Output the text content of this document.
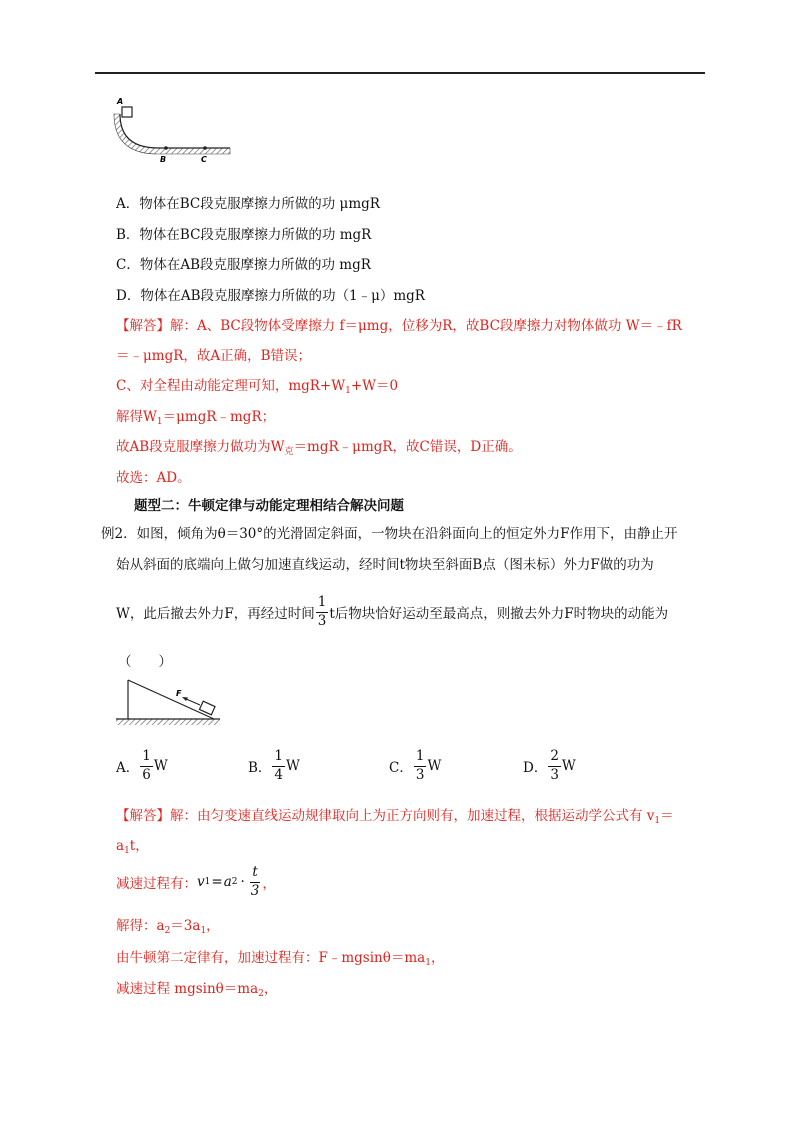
A
B	C
A．物体在BC段克服摩擦力所做的功 μmgR
B．物体在BC段克服摩擦力所做的功 mgR
C．物体在AB段克服摩擦力所做的功 mgR
D．物体在AB段克服摩擦力所做的功（1﹣μ）mgR
【解答】解：A、BC段物体受摩擦力 f＝μmg，位移为R，故BC段摩擦力对物体做功 W＝﹣fR
＝﹣μmgR，故A正确，B错误；
C、对全程由动能定理可知，$mgR+W_1+W=0$
解得$W_1=\mu mgR﹣mgR$；
故AB段克服摩擦力做功为$W_克=mgR﹣\mu mgR$，故C错误，D正确。
故选：AD。
题型二：牛顿定律与动能定理相结合解决问题
例2．如图，倾角为θ＝30°的光滑固定斜面，一物块在沿斜面向上的恒定外力F作用下，由静止开
始从斜面的底端向上做匀加速直线运动，经时间t物块至斜面B点（图未标）外力F做的功为
W，此后撤去外力F，再经过时间 $\frac{1}{3}$ t后物块恰好运动至最高点，则撤去外力F时物块的动能为
（　　）
F
A． $\frac{1}{6}$ W	B． $\frac{1}{4}$ W	C． $\frac{1}{3}$ W	D． $\frac{2}{3}$ W
【解答】解：由匀变速直线运动规律取向上为正方向则有，加速过程，根据运动学公式有 $v_1=$
$a_1t$，
减速过程有： v 1 = a $2 \cdot \frac{t}{3}$ ，
解得：$a_2=3a_1$，
由牛顿第二定律有，加速过程有：$F﹣mgsin\theta=ma_1$，
减速过程 $mgsin\theta=ma_2$，
